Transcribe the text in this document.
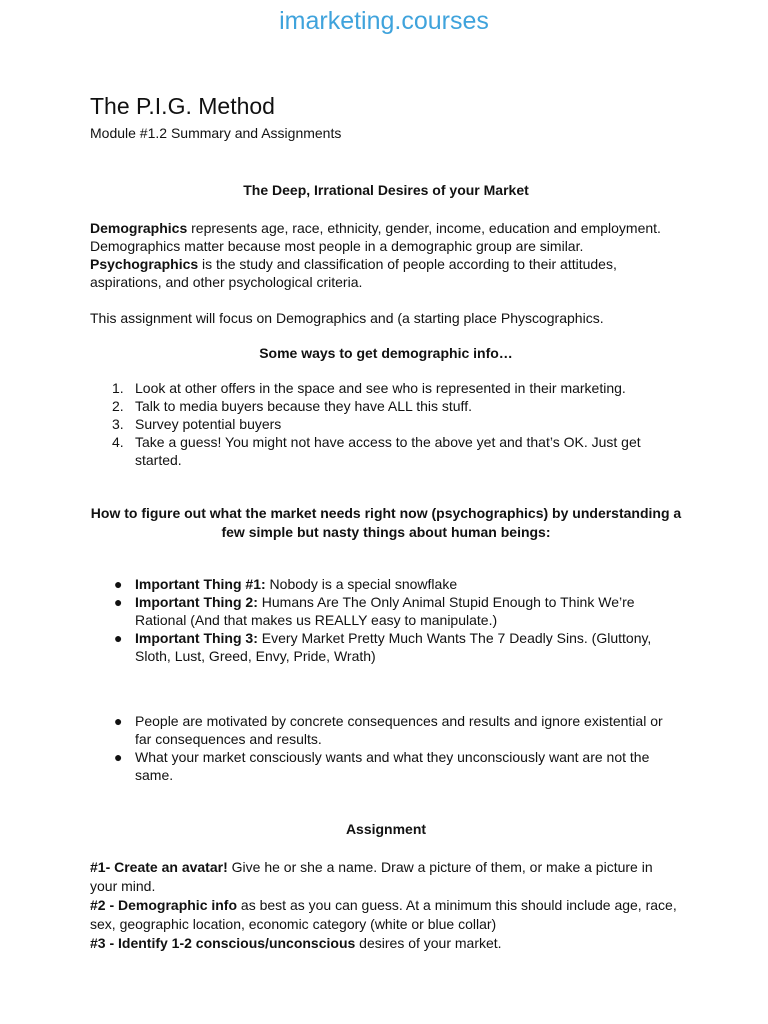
imarketing.courses
The P.I.G. Method
Module #1.2 Summary and Assignments
The Deep, Irrational Desires of your Market

Demographics represents age, race, ethnicity, gender, income, education and employment. Demographics matter because most people in a demographic group are similar. Psychographics is the study and classification of people according to their attitudes, aspirations, and other psychological criteria.

This assignment will focus on Demographics and (a starting place Physcographics.

Some ways to get demographic info…
1. Look at other offers in the space and see who is represented in their marketing.
2. Talk to media buyers because they have ALL this stuff.
3. Survey potential buyers
4. Take a guess! You might not have access to the above yet and that’s OK. Just get started.
How to figure out what the market needs right now (psychographics) by understanding a few simple but nasty things about human beings:
● Important Thing #1: Nobody is a special snowflake
● Important Thing 2: Humans Are The Only Animal Stupid Enough to Think We’re Rational (And that makes us REALLY easy to manipulate.)
● Important Thing 3: Every Market Pretty Much Wants The 7 Deadly Sins. (Gluttony, Sloth, Lust, Greed, Envy, Pride, Wrath)
● People are motivated by concrete consequences and results and ignore existential or far consequences and results.
● What your market consciously wants and what they unconsciously want are not the same.
Assignment
#1- Create an avatar! Give he or she a name. Draw a picture of them, or make a picture in your mind.
#2 - Demographic info as best as you can guess. At a minimum this should include age, race, sex, geographic location, economic category (white or blue collar)
#3 - Identify 1-2 conscious/unconscious desires of your market.
